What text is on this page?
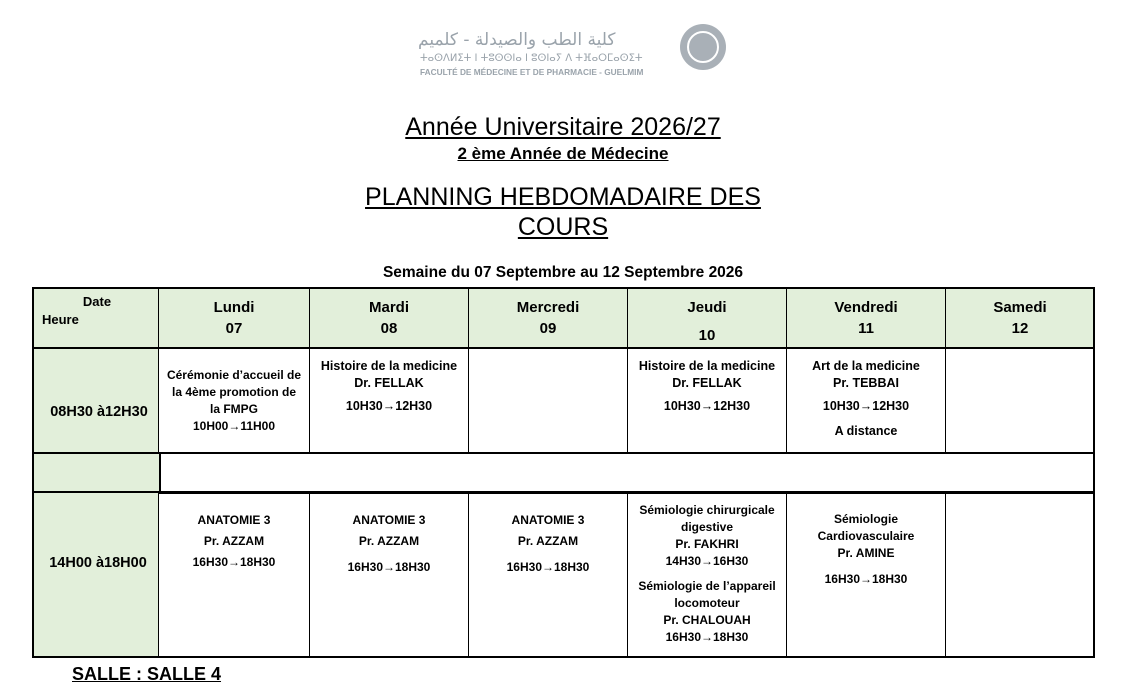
كلية الطب والصيدلة - كلميم
ⵜⴰⵙⴷⵍⵉⵜ ⵏ ⵜⵓⵙⵙⵏⴰ ⵏ ⵓⵙⵏⴰⵢ ⴷ ⵜⴼⴰⵔⵎⴰⵙⵉⵜ
FACULTÉ DE MÉDECINE ET DE PHARMACIE - GUELMIM
Année Universitaire 2026/27
2 ème Année de Médecine
PLANNING HEBDOMADAIRE DES
COURS
Semaine du 07 Septembre au 12 Septembre 2026
Date
Heure
Lundi
07
Mardi
08
Mercredi
09
Jeudi
10
Vendredi
11
Samedi
12
08H30 à12H30
Cérémonie d’accueil de
la 4ème promotion de
la FMPG
10H00→11H00
Histoire de la medicine
Dr. FELLAK
10H30→12H30
Histoire de la medicine
Dr. FELLAK
10H30→12H30
Art de la medicine
Pr. TEBBAI
10H30→12H30
A distance
14H00 à18H00
ANATOMIE 3
Pr. AZZAM
16H30→18H30
ANATOMIE 3
Pr. AZZAM
16H30→18H30
ANATOMIE 3
Pr. AZZAM
16H30→18H30
Sémiologie chirurgicale
digestive
Pr. FAKHRI
14H30→16H30
Sémiologie de l’appareil
locomoteur
Pr. CHALOUAH
16H30→18H30
Sémiologie
Cardiovasculaire
Pr. AMINE
16H30→18H30
SALLE : SALLE 4
